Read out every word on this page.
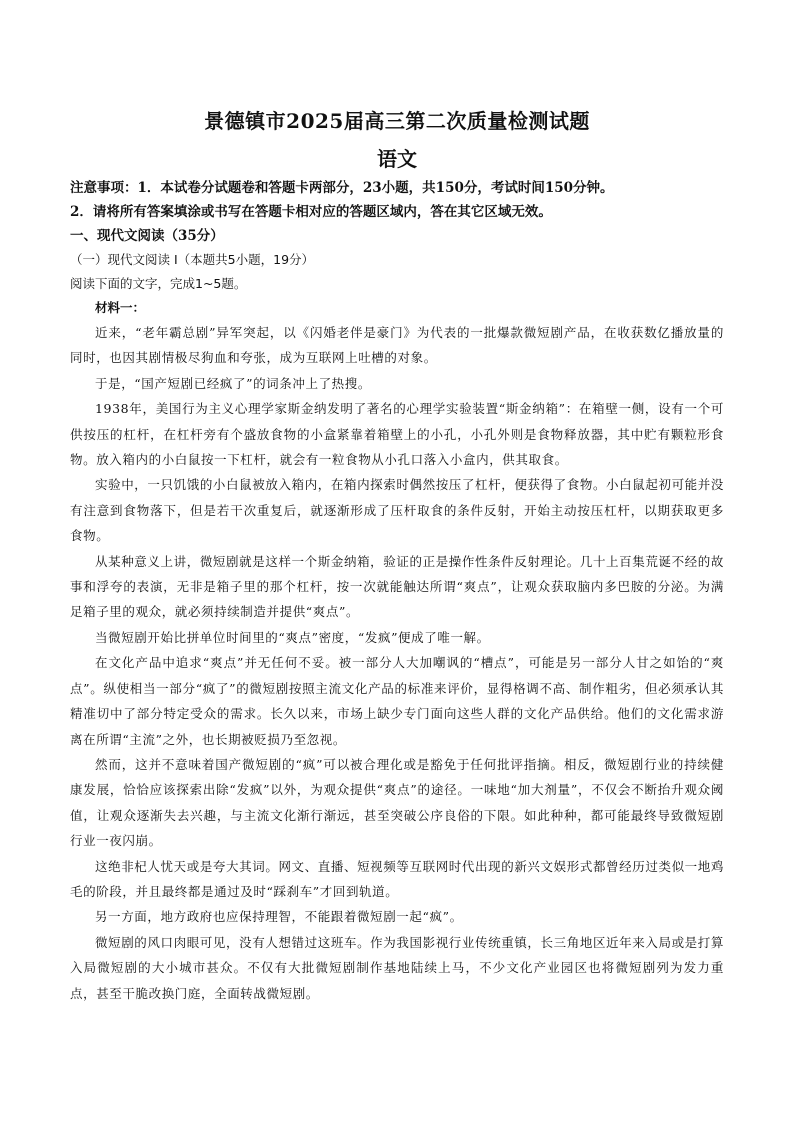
景德镇市2025届高三第二次质量检测试题
语文

注意事项：1．本试卷分试题卷和答题卡两部分，23小题，共150分，考试时间150分钟。

2．请将所有答案填涂或书写在答题卡相对应的答题区域内，答在其它区域无效。

一、现代文阅读（35分）

（一）现代文阅读 I（本题共5小题，19分）

阅读下面的文字，完成1~5题。

材料一：

近来，“老年霸总剧”异军突起，以《闪婚老伴是豪门》为代表的一批爆款微短剧产品，在收获数亿播放量的同时，也因其剧情极尽狗血和夸张，成为互联网上吐槽的对象。

于是，“国产短剧已经疯了”的词条冲上了热搜。

1938年，美国行为主义心理学家斯金纳发明了著名的心理学实验装置“斯金纳箱”：在箱壁一侧，设有一个可供按压的杠杆，在杠杆旁有个盛放食物的小盒紧靠着箱壁上的小孔，小孔外则是食物释放器，其中贮有颗粒形食物。放入箱内的小白鼠按一下杠杆，就会有一粒食物从小孔口落入小盒内，供其取食。

实验中，一只饥饿的小白鼠被放入箱内，在箱内探索时偶然按压了杠杆，便获得了食物。小白鼠起初可能并没有注意到食物落下，但是若干次重复后，就逐渐形成了压杆取食的条件反射，开始主动按压杠杆，以期获取更多食物。

从某种意义上讲，微短剧就是这样一个斯金纳箱，验证的正是操作性条件反射理论。几十上百集荒诞不经的故事和浮夸的表演，无非是箱子里的那个杠杆，按一次就能触达所谓“爽点”，让观众获取脑内多巴胺的分泌。为满足箱子里的观众，就必须持续制造并提供“爽点”。

当微短剧开始比拼单位时间里的“爽点”密度，“发疯”便成了唯一解。

在文化产品中追求“爽点”并无任何不妥。被一部分人大加嘲讽的“槽点”，可能是另一部分人甘之如饴的“爽点”。纵使相当一部分“疯了”的微短剧按照主流文化产品的标准来评价，显得格调不高、制作粗劣，但必须承认其精准切中了部分特定受众的需求。长久以来，市场上缺少专门面向这些人群的文化产品供给。他们的文化需求游离在所谓“主流”之外，也长期被贬损乃至忽视。

然而，这并不意味着国产微短剧的“疯”可以被合理化或是豁免于任何批评指摘。相反，微短剧行业的持续健康发展，恰恰应该探索出除“发疯”以外，为观众提供“爽点”的途径。一味地“加大剂量”，不仅会不断抬升观众阈值，让观众逐渐失去兴趣，与主流文化渐行渐远，甚至突破公序良俗的下限。如此种种，都可能最终导致微短剧行业一夜闪崩。

这绝非杞人忧天或是夸大其词。网文、直播、短视频等互联网时代出现的新兴文娱形式都曾经历过类似一地鸡毛的阶段，并且最终都是通过及时“踩刹车”才回到轨道。

另一方面，地方政府也应保持理智，不能跟着微短剧一起“疯”。

微短剧的风口肉眼可见，没有人想错过这班车。作为我国影视行业传统重镇，长三角地区近年来入局或是打算入局微短剧的大小城市甚众。不仅有大批微短剧制作基地陆续上马，不少文化产业园区也将微短剧列为发力重点，甚至干脆改换门庭，全面转战微短剧。
